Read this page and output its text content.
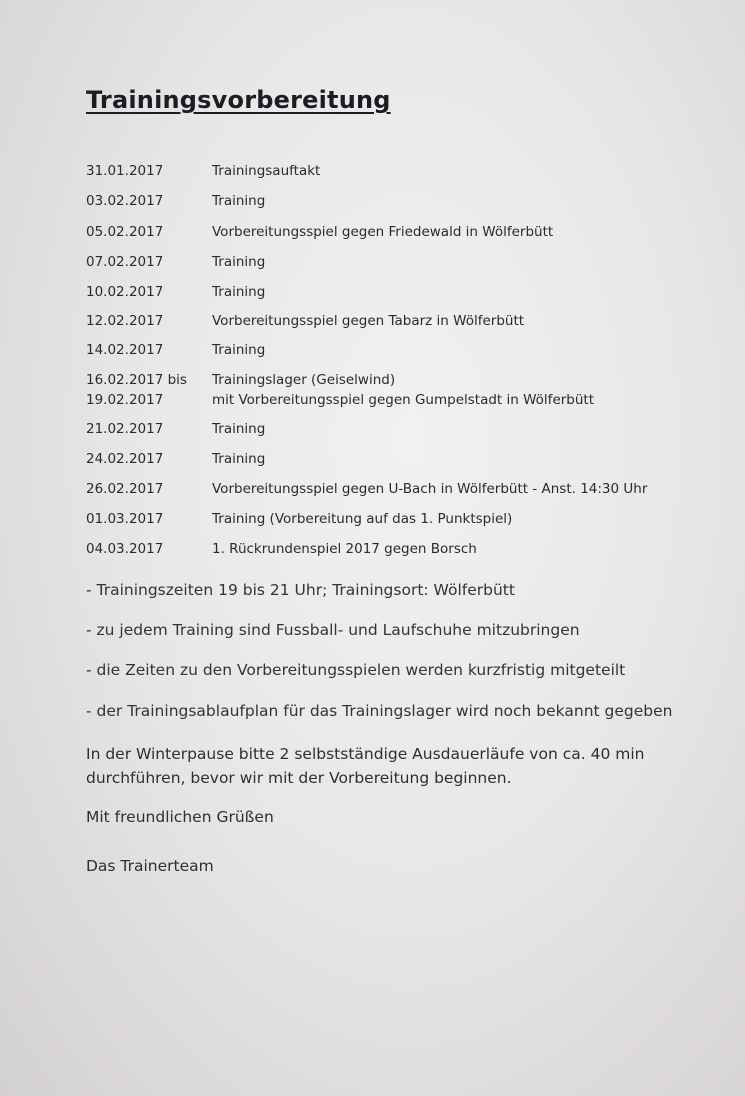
Trainingsvorbereitung
31.01.2017	Trainingsauftakt
03.02.2017	Training
05.02.2017	Vorbereitungsspiel gegen Friedewald in Wölferbütt
07.02.2017	Training
10.02.2017	Training
12.02.2017	Vorbereitungsspiel gegen Tabarz in Wölferbütt
14.02.2017	Training
16.02.2017 bis	Trainingslager (Geiselwind)
19.02.2017	mit Vorbereitungsspiel gegen Gumpelstadt in Wölferbütt
21.02.2017	Training
24.02.2017	Training
26.02.2017	Vorbereitungsspiel gegen U-Bach in Wölferbütt - Anst. 14:30 Uhr
01.03.2017	Training (Vorbereitung auf das 1. Punktspiel)
04.03.2017	1. Rückrundenspiel 2017 gegen Borsch
- Trainingszeiten 19 bis 21 Uhr; Trainingsort: Wölferbütt
- zu jedem Training sind Fussball- und Laufschuhe mitzubringen
- die Zeiten zu den Vorbereitungsspielen werden kurzfristig mitgeteilt
- der Trainingsablaufplan für das Trainingslager wird noch bekannt gegeben
In der Winterpause bitte 2 selbstständige Ausdauerläufe von ca. 40 min
durchführen, bevor wir mit der Vorbereitung beginnen.
Mit freundlichen Grüßen
Das Trainerteam
